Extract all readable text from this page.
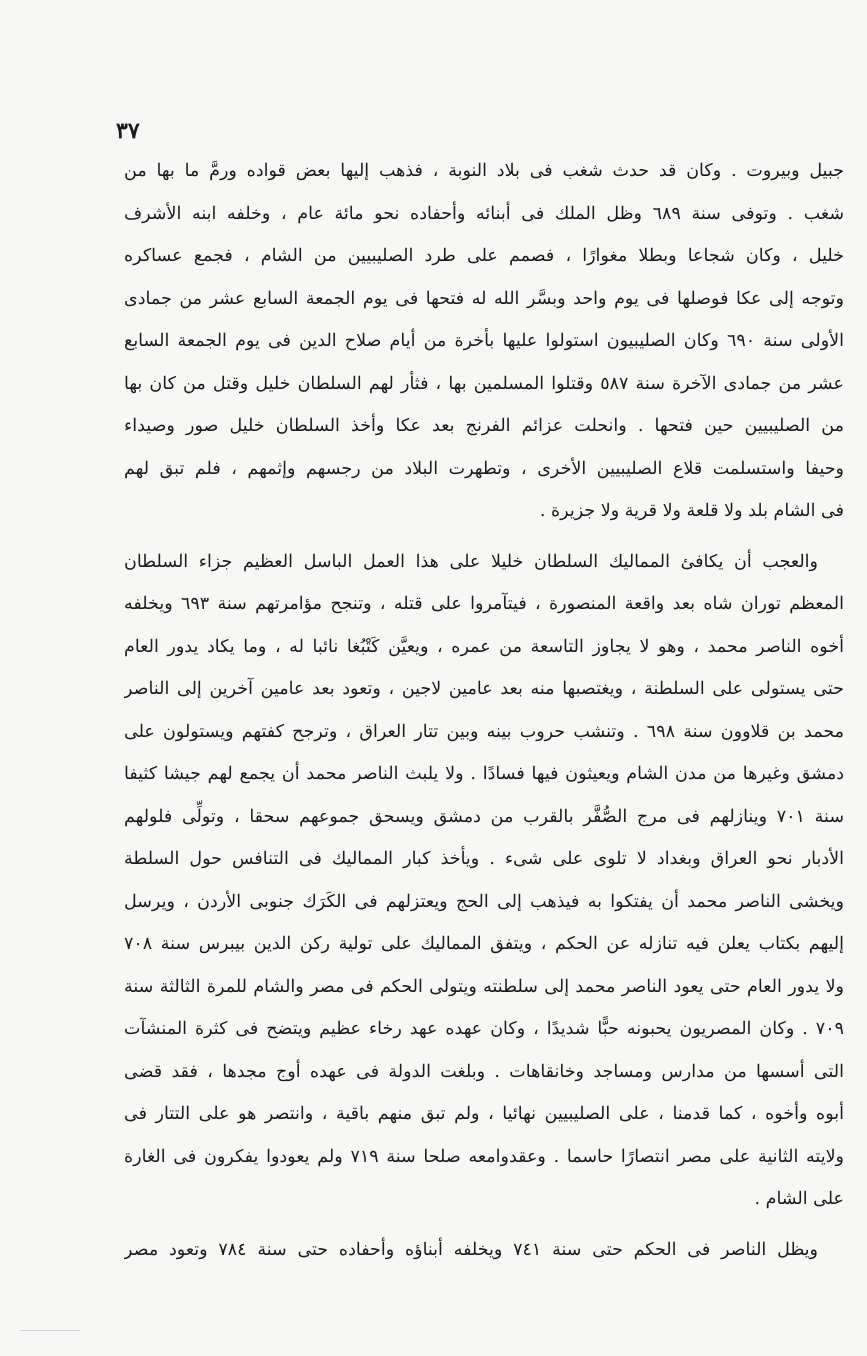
٣٧
جبيل وبيروت . وكان قد حدث شغب فى بلاد النوبة ، فذهب إليها بعض قواده ورمَّ ما بها من
شغب . وتوفى سنة ٦٨٩ وظل الملك فى أبنائه وأحفاده نحو مائة عام ، وخلفه ابنه الأشرف
خليل ، وكان شجاعا وبطلا مغوارًا ، فصمم على طرد الصليبيين من الشام ، فجمع عساكره
وتوجه إلى عكا فوصلها فى يوم واحد وبسَّر الله له فتحها فى يوم الجمعة السابع عشر من جمادى
الأولى سنة ٦٩٠ وكان الصليبيون استولوا عليها بأخرة من أيام صلاح الدين فى يوم الجمعة السابع
عشر من جمادى الآخرة سنة ٥٨٧ وقتلوا المسلمين بها ، فثأر لهم السلطان خليل وقتل من كان بها
من الصليبيين حين فتحها . وانحلت عزائم الفرنج بعد عكا وأخذ السلطان خليل صور وصيداء
وحيفا واستسلمت قلاع الصليبيين الأخرى ، وتطهرت البلاد من رجسهم وإثمهم ، فلم تبق لهم
فى الشام بلد ولا قلعة ولا قرية ولا جزيرة .
والعجب أن يكافئ المماليك السلطان خليلا على هذا العمل الباسل العظيم جزاء السلطان
المعظم توران شاه بعد واقعة المنصورة ، فيتآمروا على قتله ، وتنجح مؤامرتهم سنة ٦٩٣ ويخلفه
أخوه الناصر محمد ، وهو لا يجاوز التاسعة من عمره ، ويعيَّن كَتْبُغا نائبا له ، وما يكاد يدور العام
حتى يستولى على السلطنة ، ويغتصبها منه بعد عامين لاجين ، وتعود بعد عامين آخرين إلى الناصر
محمد بن قلاوون سنة ٦٩٨ . وتنشب حروب بينه وبين تتار العراق ، وترجح كفتهم ويستولون على
دمشق وغيرها من مدن الشام ويعيثون فيها فسادًا . ولا يلبث الناصر محمد أن يجمع لهم جيشا كثيفا
سنة ٧٠١ وينازلهم فى مرج الصُّفَّر بالقرب من دمشق ويسحق جموعهم سحقا ، وتولِّى فلولهم
الأدبار نحو العراق وبغداد لا تلوى على شىء . ويأخذ كبار المماليك فى التنافس حول السلطة
ويخشى الناصر محمد أن يفتكوا به فيذهب إلى الحج ويعتزلهم فى الكَرَك جنوبى الأردن ، ويرسل
إليهم بكتاب يعلن فيه تنازله عن الحكم ، ويتفق المماليك على تولية ركن الدين بيبرس سنة ٧٠٨
ولا يدور العام حتى يعود الناصر محمد إلى سلطنته ويتولى الحكم فى مصر والشام للمرة الثالثة سنة
٧٠٩ . وكان المصريون يحبونه حبًّا شديدًا ، وكان عهده عهد رخاء عظيم ويتضح فى كثرة المنشآت
التى أسسها من مدارس ومساجد وخانقاهات . وبلغت الدولة فى عهده أوج مجدها ، فقد قضى
أبوه وأخوه ، كما قدمنا ، على الصليبيين نهائيا ، ولم تبق منهم باقية ، وانتصر هو على التتار فى
ولايته الثانية على مصر انتصارًا حاسما . وعقدوامعه صلحا سنة ٧١٩ ولم يعودوا يفكرون فى الغارة
على الشام .
ويظل الناصر فى الحكم حتى سنة ٧٤١ ويخلفه أبناؤه وأحفاده حتى سنة ٧٨٤ وتعود مصر
